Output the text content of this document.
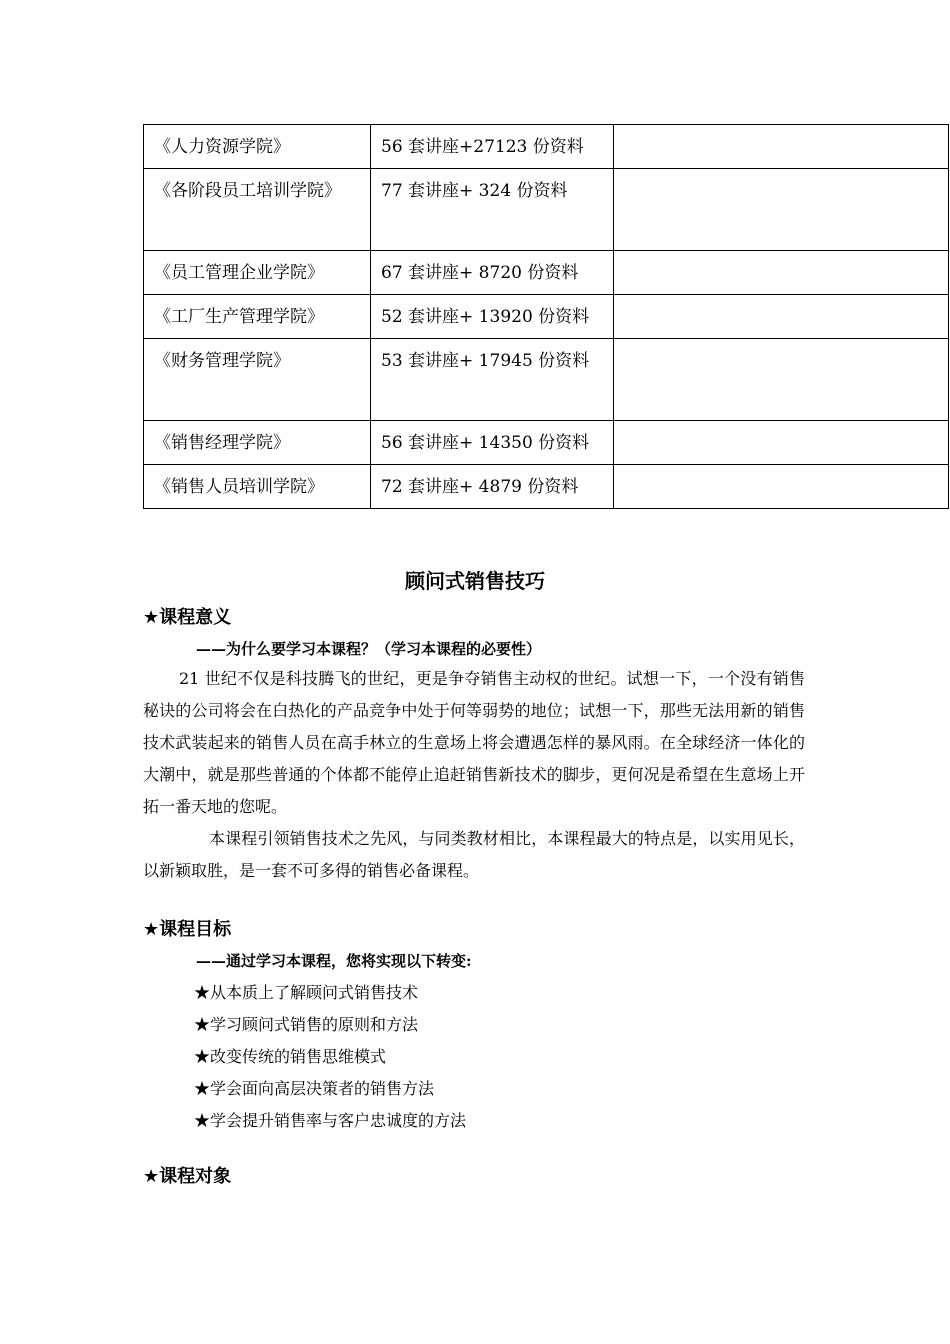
《人力资源学院》	56 套讲座+27123 份资料	
《各阶段员工培训学院》	77 套讲座+ 324 份资料	
《员工管理企业学院》	67 套讲座+ 8720 份资料	
《工厂生产管理学院》	52 套讲座+ 13920 份资料	
《财务管理学院》	53 套讲座+ 17945 份资料	
《销售经理学院》	56 套讲座+ 14350 份资料	
《销售人员培训学院》	72 套讲座+ 4879 份资料	
顾问式销售技巧
★课程意义
——为什么要学习本课程？（学习本课程的必要性）
21 世纪不仅是科技腾飞的世纪，更是争夺销售主动权的世纪。试想一下，一个没有销售秘诀的公司将会在白热化的产品竞争中处于何等弱势的地位；试想一下，那些无法用新的销售技术武装起来的销售人员在高手林立的生意场上将会遭遇怎样的暴风雨。在全球经济一体化的大潮中，就是那些普通的个体都不能停止追赶销售新技术的脚步，更何况是希望在生意场上开拓一番天地的您呢。
本课程引领销售技术之先风，与同类教材相比，本课程最大的特点是，以实用见长，以新颖取胜，是一套不可多得的销售必备课程。
★课程目标
——通过学习本课程，您将实现以下转变:
★从本质上了解顾问式销售技术
★学习顾问式销售的原则和方法
★改变传统的销售思维模式
★学会面向高层决策者的销售方法
★学会提升销售率与客户忠诚度的方法
★课程对象
